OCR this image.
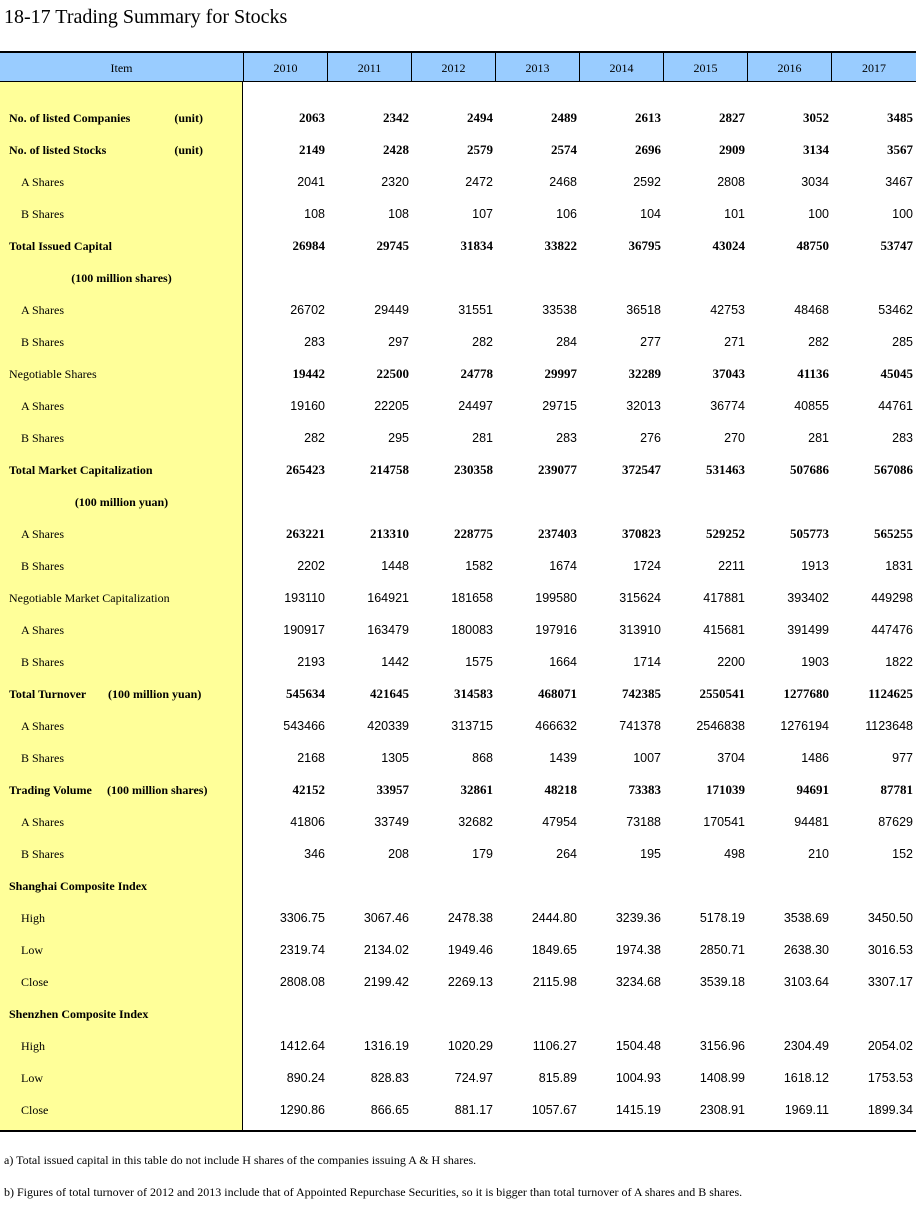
18-17 Trading Summary for Stocks
Item	2010	2011	2012	2013	2014	2015	2016	2017
No. of listed Companies	(unit)	2063	2342	2494	2489	2613	2827	3052	3485
No. of listed Stocks	(unit)	2149	2428	2579	2574	2696	2909	3134	3567
A Shares	2041	2320	2472	2468	2592	2808	3034	3467
B Shares	108	108	107	106	104	101	100	100
Total Issued Capital	26984	29745	31834	33822	36795	43024	48750	53747
(100 million shares)
A Shares	26702	29449	31551	33538	36518	42753	48468	53462
B Shares	283	297	282	284	277	271	282	285
Negotiable Shares	19442	22500	24778	29997	32289	37043	41136	45045
A Shares	19160	22205	24497	29715	32013	36774	40855	44761
B Shares	282	295	281	283	276	270	281	283
Total Market Capitalization	265423	214758	230358	239077	372547	531463	507686	567086
(100 million yuan)
A Shares	263221	213310	228775	237403	370823	529252	505773	565255
B Shares	2202	1448	1582	1674	1724	2211	1913	1831
Negotiable Market Capitalization	193110	164921	181658	199580	315624	417881	393402	449298
A Shares	190917	163479	180083	197916	313910	415681	391499	447476
B Shares	2193	1442	1575	1664	1714	2200	1903	1822
Total Turnover (100 million yuan)	545634	421645	314583	468071	742385	2550541	1277680	1124625
A Shares	543466	420339	313715	466632	741378	2546838	1276194	1123648
B Shares	2168	1305	868	1439	1007	3704	1486	977
Trading Volume (100 million shares)	42152	33957	32861	48218	73383	171039	94691	87781
A Shares	41806	33749	32682	47954	73188	170541	94481	87629
B Shares	346	208	179	264	195	498	210	152
Shanghai Composite Index
High	3306.75	3067.46	2478.38	2444.80	3239.36	5178.19	3538.69	3450.50
Low	2319.74	2134.02	1949.46	1849.65	1974.38	2850.71	2638.30	3016.53
Close	2808.08	2199.42	2269.13	2115.98	3234.68	3539.18	3103.64	3307.17
Shenzhen Composite Index
High	1412.64	1316.19	1020.29	1106.27	1504.48	3156.96	2304.49	2054.02
Low	890.24	828.83	724.97	815.89	1004.93	1408.99	1618.12	1753.53
Close	1290.86	866.65	881.17	1057.67	1415.19	2308.91	1969.11	1899.34
a) Total issued capital in this table do not include H shares of the companies issuing A & H shares.
b) Figures of total turnover of 2012 and 2013 include that of Appointed Repurchase Securities, so it is bigger than total turnover of A shares and B shares.
